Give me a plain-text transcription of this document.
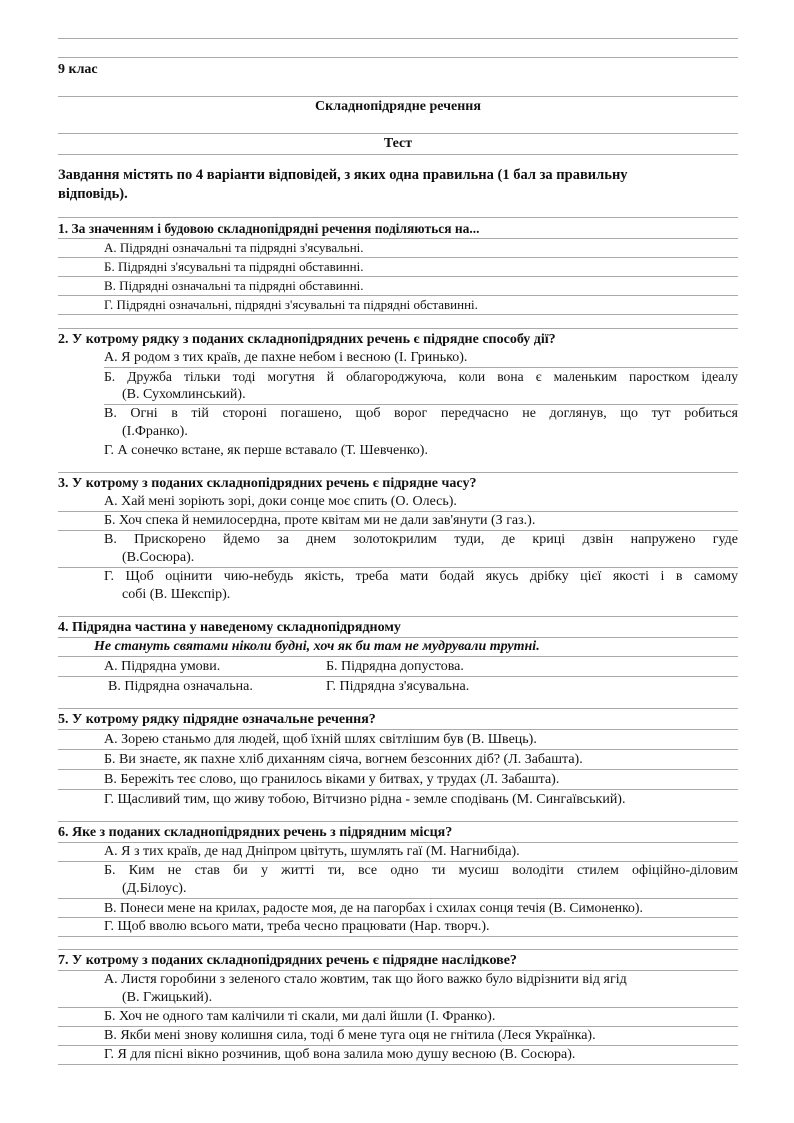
9 клас
Складнопідрядне речення
Тест
Завдання містять по 4 варіанти відповідей, з яких одна правильна (1 бал за правильну
відповідь).
1. За значенням і будовою складнопідрядні речення поділяються на...
А. Підрядні означальні та підрядні з'ясувальні.
Б. Підрядні з'ясувальні та підрядні обставинні.
В. Підрядні означальні та підрядні обставинні.
Г. Підрядні означальні, підрядні з'ясувальні та підрядні обставинні.
2. У котрому рядку з поданих складнопідрядних речень є підрядне способу дії?
А. Я родом з тих країв, де пахне небом і весною (І. Гринько).
Б. Дружба тільки тоді могутня й облагороджуюча, коли вона є маленьким паростком ідеалу
(В. Сухомлинський).
В. Огні в тій стороні погашено, щоб ворог передчасно не доглянув, що тут робиться
(І.Франко).
Г. А сонечко встане, як перше вставало (Т. Шевченко).
3. У котрому з поданих складнопідрядних речень є підрядне часу?
А. Хай мені зоріють зорі, доки сонце моє спить (О. Олесь).
Б. Хоч спека й немилосердна, проте квітам ми не дали зав'янути (З газ.).
В. Прискорено йдемо за днем золотокрилим туди, де криці дзвін напружено гуде
(В.Сосюра).
Г. Щоб оцінити чию-небудь якість, треба мати бодай якусь дрібку цієї якості і в самому
собі (В. Шекспір).
4. Підрядна частина у наведеному складнопідрядному
Не стануть святами ніколи будні, хоч як би там не мудрували трутні.
А. Підрядна умови.	Б. Підрядна допустова.
В. Підрядна означальна.	Г. Підрядна з'ясувальна.
5. У котрому рядку підрядне означальне речення?
А. Зорею станьмо для людей, щоб їхній шлях світлішим був (В. Швець).
Б. Ви знаєте, як пахне хліб диханням сіяча, вогнем безсонних діб? (Л. Забашта).
В. Бережіть теє слово, що гранилось віками у битвах, у трудах (Л. Забашта).
Г. Щасливий тим, що живу тобою, Вітчизно рідна - земле сподівань (М. Сингаївський).
6. Яке з поданих складнопідрядних речень з підрядним місця?
А. Я з тих країв, де над Дніпром цвітуть, шумлять гаї (М. Нагнибіда).
Б. Ким не став би у житті ти, все одно ти мусиш володіти стилем офіційно-діловим
(Д.Білоус).
В. Понеси мене на крилах, радосте моя, де на пагорбах і схилах сонця течія (В. Симоненко).
Г. Щоб вволю всього мати, треба чесно працювати (Нар. творч.).
7. У котрому з поданих складнопідрядних речень є підрядне наслідкове?
А. Листя горобини з зеленого стало жовтим, так що його важко було відрізнити від ягід
(В. Гжицький).
Б. Хоч не одного там калічили ті скали, ми далі йшли (І. Франко).
В. Якби мені знову колишня сила, тоді б мене туга оця не гнітила (Леся Українка).
Г. Я для пісні вікно розчинив, щоб вона залила мою душу весною (В. Сосюра).
